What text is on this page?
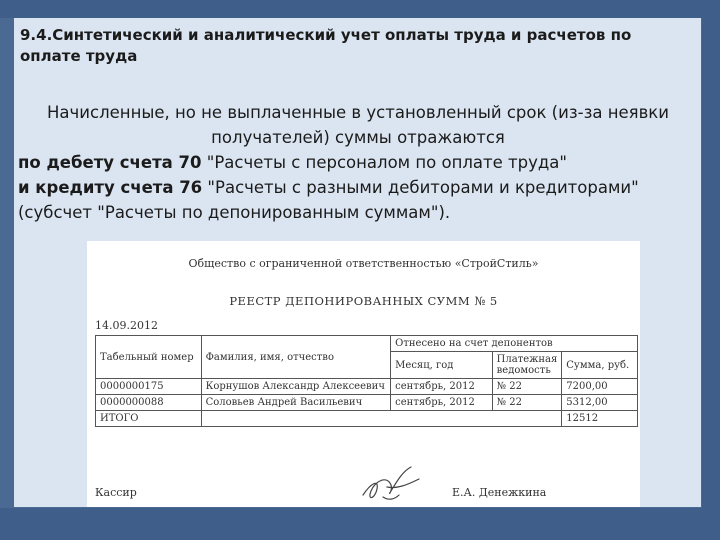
9.4.Синтетический и аналитический учет оплаты труда и расчетов по оплате труда
Начисленные, но не выплаченные в установленный срок (из-за неявки
получателей) суммы отражаются
по дебету счета 70 "Расчеты с персоналом по оплате труда"
и кредиту счета 76 "Расчеты с разными дебиторами и кредиторами"
(субсчет "Расчеты по депонированным суммам").
Общество с ограниченной ответственностью «СтройСтиль»
РЕЕСТР ДЕПОНИРОВАННЫХ СУММ № 5
14.09.2012
Табельный номер	Фамилия, имя, отчество	Отнесено на счет депонентов		
		Месяц, год	Платежная ведомость	Сумма, руб.
0000000175	Корнушов Александр Алексеевич	сентябрь, 2012	№ 22	7200,00
0000000088	Соловьев Андрей Васильевич	сентябрь, 2012	№ 22	5312,00
ИТОГО				12512
Кассир	Е.А. Денежкина
